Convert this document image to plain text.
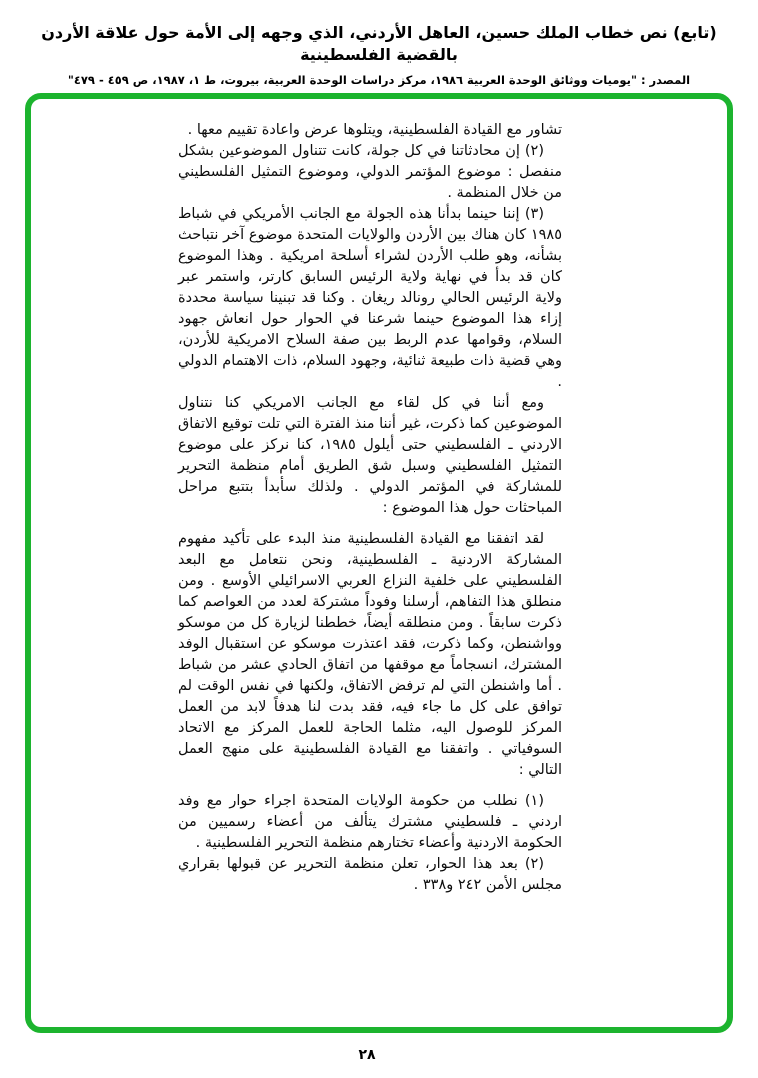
(تابع) نص خطاب الملك حسين، العاهل الأردني، الذي وجهه إلى الأمة حول علاقة الأردن بالقضية الفلسطينية
المصدر : "يوميات ووثائق الوحدة العربية ١٩٨٦، مركز دراسات الوحدة العربية، بيروت، ط ١، ١٩٨٧، ص ٤٥٩ - ٤٧٩"

تشاور مع القيادة الفلسطينية، ويتلوها عرض واعادة تقييم معها .

(٢) إن محادثاتنا في كل جولة، كانت تتناول الموضوعين بشكل منفصل : موضوع المؤتمر الدولي، وموضوع التمثيل الفلسطيني من خلال المنظمة .

(٣) إننا حينما بدأنا هذه الجولة مع الجانب الأمريكي في شباط ١٩٨٥ كان هناك بين الأردن والولايات المتحدة موضوع آخر نتباحث بشأنه، وهو طلب الأردن لشراء أسلحة امريكية . وهذا الموضوع كان قد بدأ في نهاية ولاية الرئيس السابق كارتر، واستمر عبر ولاية الرئيس الحالي رونالد ريغان . وكنا قد تبنينا سياسة محددة إزاء هذا الموضوع حينما شرعنا في الحوار حول انعاش جهود السلام، وقوامها عدم الربط بين صفة السلاح الامريكية للأردن، وهي قضية ذات طبيعة ثنائية، وجهود السلام، ذات الاهتمام الدولي .

ومع أننا في كل لقاء مع الجانب الامريكي كنا نتناول الموضوعين كما ذكرت، غير أننا منذ الفترة التي تلت توقيع الاتفاق الاردني ـ الفلسطيني حتى أيلول ١٩٨٥، كنا نركز على موضوع التمثيل الفلسطيني وسبل شق الطريق أمام منظمة التحرير للمشاركة في المؤتمر الدولي . ولذلك سأبدأ بتتبع مراحل المباحثات حول هذا الموضوع :

لقد اتفقنا مع القيادة الفلسطينية منذ البدء على تأكيد مفهوم المشاركة الاردنية ـ الفلسطينية، ونحن نتعامل مع البعد الفلسطيني على خلفية النزاع العربي الاسرائيلي الأوسع . ومن منطلق هذا التفاهم، أرسلنا وفوداً مشتركة لعدد من العواصم كما ذكرت سابقاً . ومن منطلقه أيضاً، خططنا لزيارة كل من موسكو وواشنطن، وكما ذكرت، فقد اعتذرت موسكو عن استقبال الوفد المشترك، انسجاماً مع موقفها من اتفاق الحادي عشر من شباط . أما واشنطن التي لم ترفض الاتفاق، ولكنها في نفس الوقت لم توافق على كل ما جاء فيه، فقد بدت لنا هدفاً لابد من العمل المركز للوصول اليه، مثلما الحاجة للعمل المركز مع الاتحاد السوفياتي . واتفقنا مع القيادة الفلسطينية على منهج العمل التالي :

(١) نطلب من حكومة الولايات المتحدة اجراء حوار مع وفد اردني ـ فلسطيني مشترك يتألف من أعضاء رسميين من الحكومة الاردنية وأعضاء تختارهم منظمة التحرير الفلسطينية .

(٢) بعد هذا الحوار، تعلن منظمة التحرير عن قبولها بقراري مجلس الأمن ٢٤٢ و٣٣٨ .

٢٨
